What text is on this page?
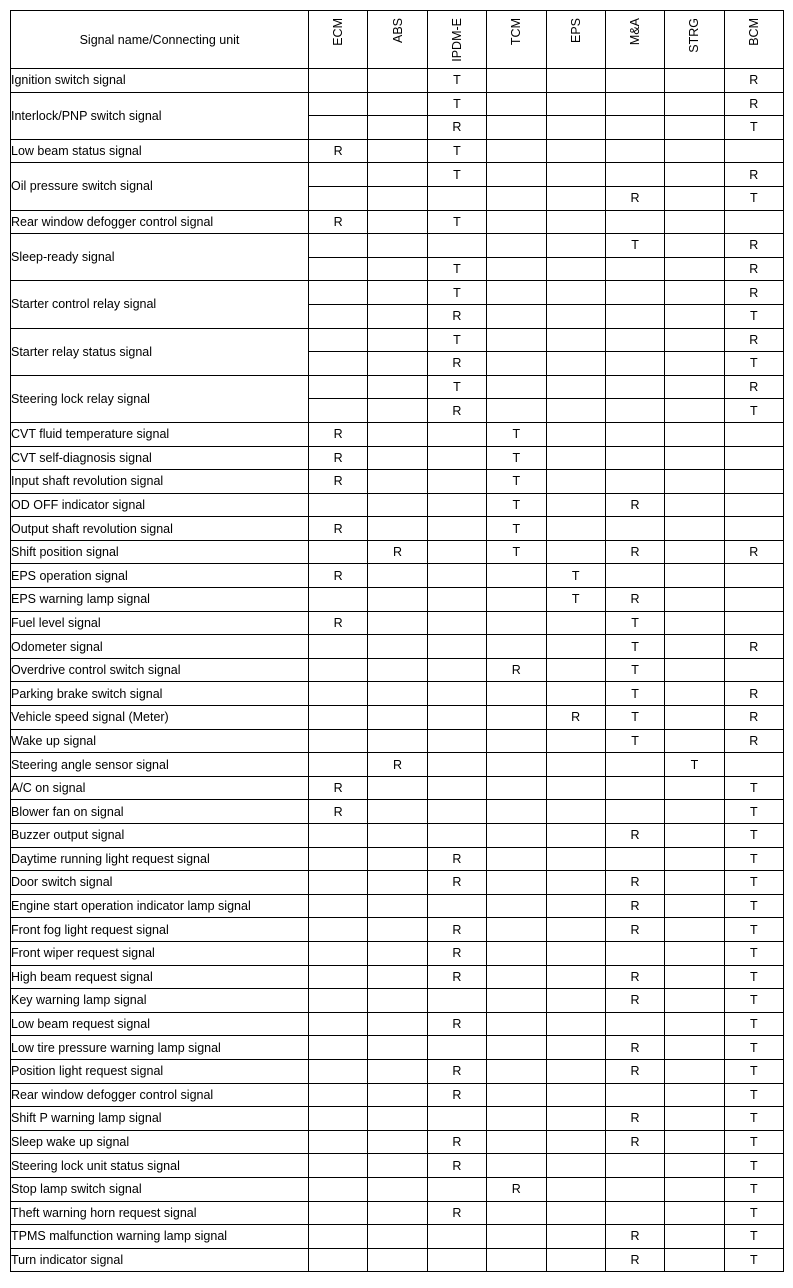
Signal name/Connecting unit	ECM	ABS	IPDM-E	TCM	EPS	M&A	STRG	BCM

Ignition switch signal			T					R
Interlock/PNP switch signal			T					R
			R					T
Low beam status signal	R		T					
Oil pressure switch signal			T					R
						R		T
Rear window defogger control signal	R		T					
Sleep-ready signal						T		R
			T					R
Starter control relay signal			T					R
			R					T
Starter relay status signal			T					R
			R					T
Steering lock relay signal			T					R
			R					T
CVT fluid temperature signal	R			T				
CVT self-diagnosis signal	R			T				
Input shaft revolution signal	R			T				
OD OFF indicator signal				T		R		
Output shaft revolution signal	R			T				
Shift position signal		R		T		R		R
EPS operation signal	R				T			
EPS warning lamp signal					T	R		
Fuel level signal	R					T		
Odometer signal						T		R
Overdrive control switch signal				R		T		
Parking brake switch signal						T		R
Vehicle speed signal (Meter)					R	T		R
Wake up signal						T		R
Steering angle sensor signal		R					T	
A/C on signal	R							T
Blower fan on signal	R							T
Buzzer output signal						R		T
Daytime running light request signal			R					T
Door switch signal			R			R		T
Engine start operation indicator lamp signal						R		T
Front fog light request signal			R			R		T
Front wiper request signal			R					T
High beam request signal			R			R		T
Key warning lamp signal						R		T
Low beam request signal			R					T
Low tire pressure warning lamp signal						R		T
Position light request signal			R			R		T
Rear window defogger control signal			R					T
Shift P warning lamp signal						R		T
Sleep wake up signal			R			R		T
Steering lock unit status signal			R					T
Stop lamp switch signal				R				T
Theft warning horn request signal			R					T
TPMS malfunction warning lamp signal						R		T
Turn indicator signal						R		T
